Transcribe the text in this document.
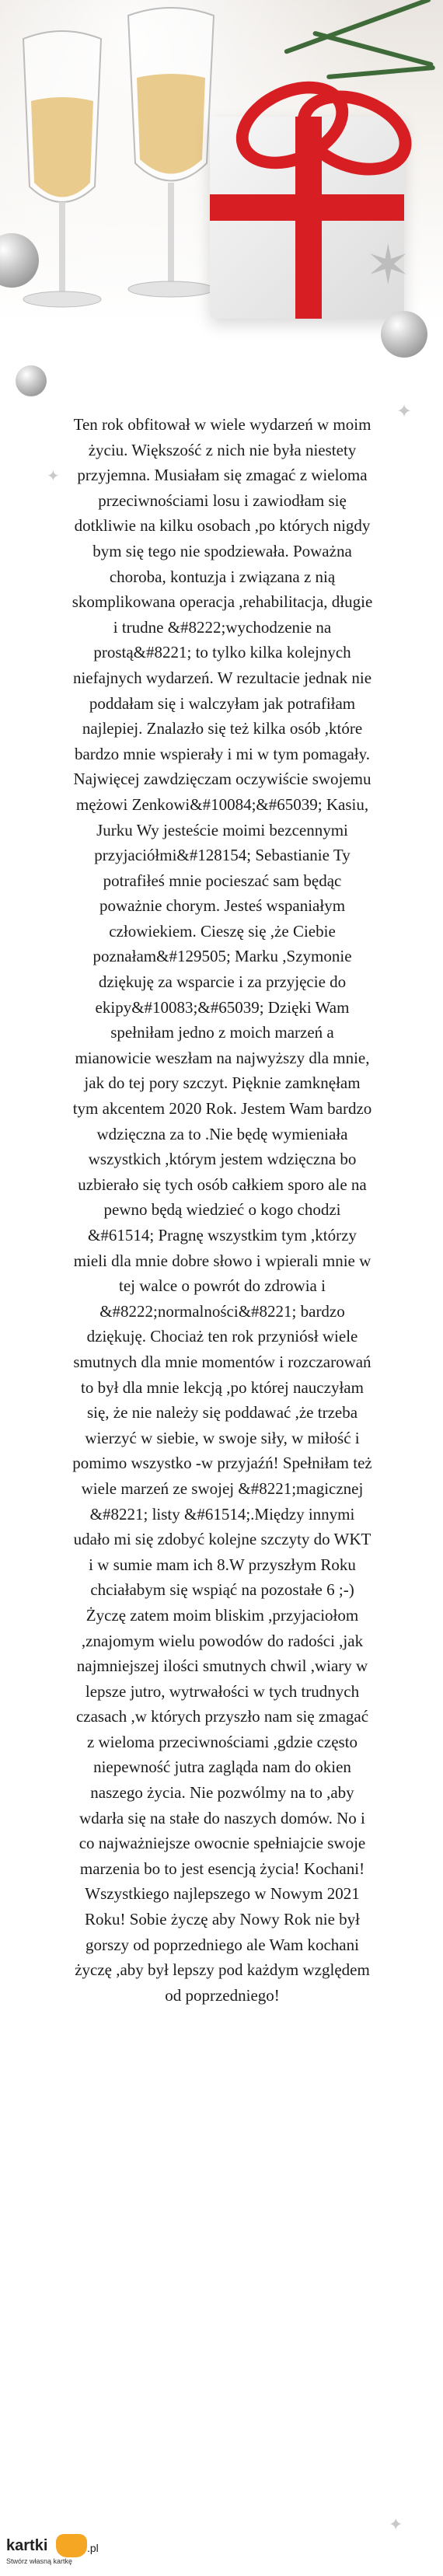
✶
✦
✦

Ten rok obfitował w wiele wydarzeń w moim życiu. Większość z nich nie była niestety przyjemna. Musiałam się zmagać z wieloma przeciwnościami losu i zawiodłam się dotkliwie na kilku osobach ,po których nigdy bym się tego nie spodziewała. Poważna choroba, kontuzja i związana z nią skomplikowana operacja ,rehabilitacja, długie i trudne &#8222;wychodzenie na prostą&#8221; to tylko kilka kolejnych niefajnych wydarzeń. W rezultacie jednak nie poddałam się i walczyłam jak potrafiłam najlepiej. Znalazło się też kilka osób ,które bardzo mnie wspierały i mi w tym pomagały. Najwięcej zawdzięczam oczywiście swojemu mężowi Zenkowi&#10084;&#65039; Kasiu, Jurku Wy jesteście moimi bezcennymi przyjaciółmi&#128154; Sebastianie Ty potrafiłeś mnie pocieszać sam będąc poważnie chorym. Jesteś wspaniałym człowiekiem. Cieszę się ,że Ciebie poznałam&#129505; Marku ,Szymonie dziękuję za wsparcie i za przyjęcie do ekipy&#10083;&#65039; Dzięki Wam spełniłam jedno z moich marzeń a mianowicie weszłam na najwyższy dla mnie, jak do tej pory szczyt. Pięknie zamknęłam tym akcentem 2020 Rok. Jestem Wam bardzo wdzięczna za to .Nie będę wymieniała wszystkich ,którym jestem wdzięczna bo uzbierało się tych osób całkiem sporo ale na pewno będą wiedzieć o kogo chodzi &#61514; Pragnę wszystkim tym ,którzy mieli dla mnie dobre słowo i wpierali mnie w tej walce o powrót do zdrowia i &#8222;normalności&#8221; bardzo dziękuję. Chociaż ten rok przyniósł wiele smutnych dla mnie momentów i rozczarowań to był dla mnie lekcją ,po której nauczyłam się, że nie należy się poddawać ,że trzeba wierzyć w siebie, w swoje siły, w miłość i pomimo wszystko -w przyjaźń! Spełniłam też wiele marzeń ze swojej &#8221;magicznej &#8221; listy &#61514;.Między innymi udało mi się zdobyć kolejne szczyty do WKT i w sumie mam ich 8.W przyszłym Roku chciałabym się wspiąć na pozostałe 6 ;-)
Życzę zatem moim bliskim ,przyjaciołom ,znajomym wielu powodów do radości ,jak najmniejszej ilości smutnych chwil ,wiary w lepsze jutro, wytrwałości w tych trudnych czasach ,w których przyszło nam się zmagać z wieloma przeciwnościami ,gdzie często niepewność jutra zagląda nam do okien naszego życia. Nie pozwólmy na to ,aby wdarła się na stałe do naszych domów. No i co najważniejsze owocnie spełniajcie swoje marzenia bo to jest esencją życia! Kochani! Wszystkiego najlepszego w Nowym 2021 Roku! Sobie życzę aby Nowy Rok nie był gorszy od poprzedniego ale Wam kochani życzę ,aby był lepszy pod każdym względem od poprzedniego!

✦
kartki	.pl
Stwórz własną kartkę
